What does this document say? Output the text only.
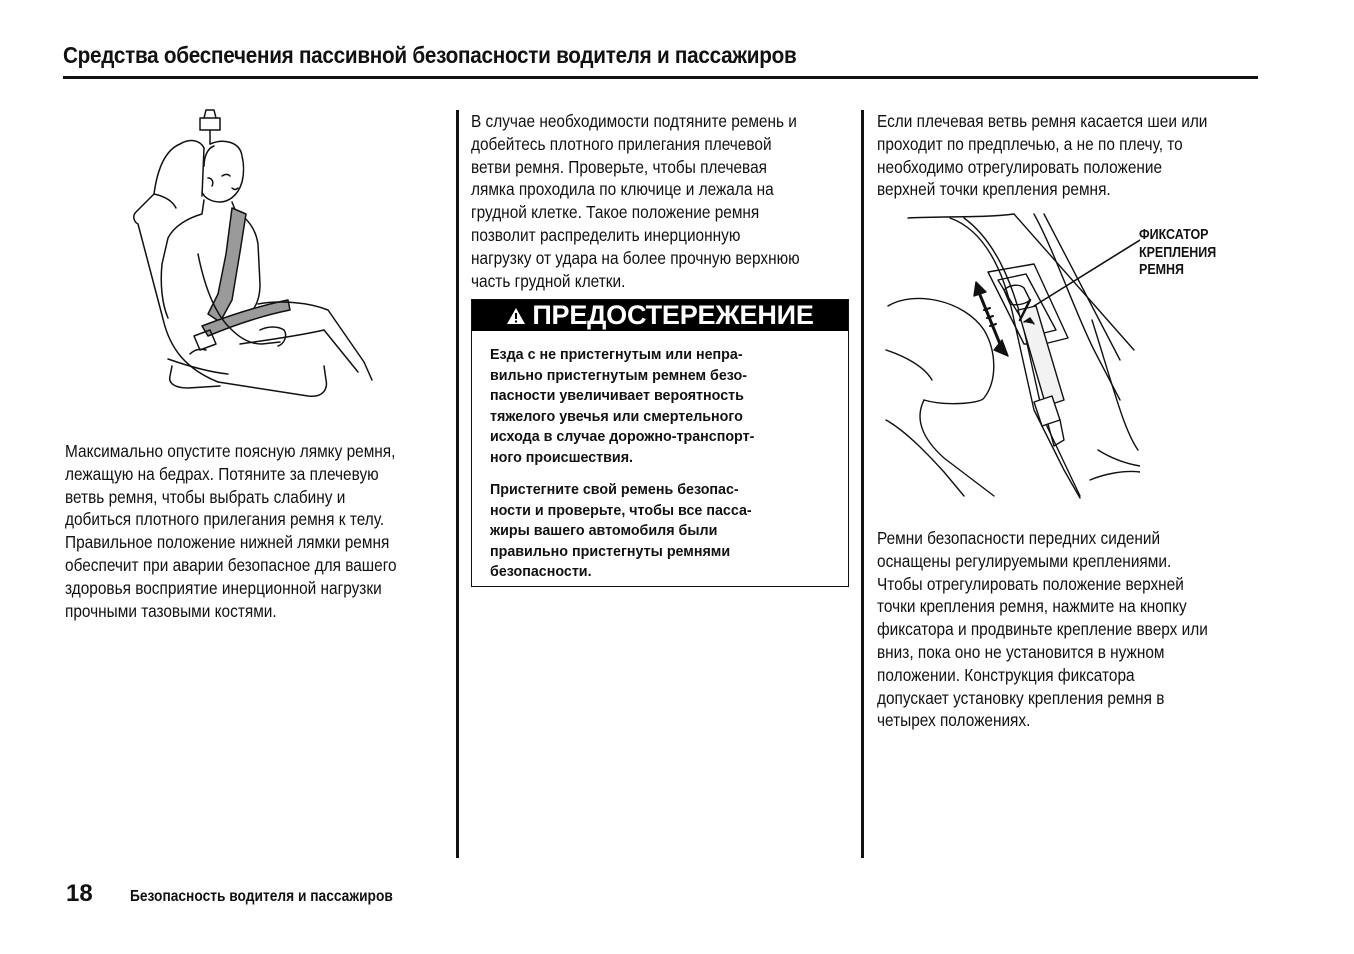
Средства обеспечения пассивной безопасности водителя и пассажиров
Максимально опустите поясную лямку ремня,
лежащую на бедрах. Потяните за плечевую
ветвь ремня, чтобы выбрать слабину и
добиться плотного прилегания ремня к телу.
Правильное положение нижней лямки ремня
обеспечит при аварии безопасное для вашего
здоровья восприятие инерционной нагрузки
прочными тазовыми костями.
В случае необходимости подтяните ремень и
добейтесь плотного прилегания плечевой
ветви ремня. Проверьте, чтобы плечевая
лямка проходила по ключице и лежала на
грудной клетке. Такое положение ремня
позволит распределить инерционную
нагрузку от удара на более прочную верхнюю
часть грудной клетки.
ПРЕДОСТЕРЕЖЕНИЕ
Езда с не пристегнутым или непра-
вильно пристегнутым ремнем безо-
пасности увеличивает вероятность
тяжелого увечья или смертельного
исхода в случае дорожно-транспорт-
ного происшествия.
Пристегните свой ремень безопас-
ности и проверьте, чтобы все пасса-
жиры вашего автомобиля были
правильно пристегнуты ремнями
безопасности.
Если плечевая ветвь ремня касается шеи или
проходит по предплечью, а не по плечу, то
необходимо отрегулировать положение
верхней точки крепления ремня.
ФИКСАТОР
КРЕПЛЕНИЯ
РЕМНЯ
Ремни безопасности передних сидений
оснащены регулируемыми креплениями.
Чтобы отрегулировать положение верхней
точки крепления ремня, нажмите на кнопку
фиксатора и продвиньте крепление вверх или
вниз, пока оно не установится в нужном
положении. Конструкция фиксатора
допускает установку крепления ремня в
четырех положениях.
18 Безопасность водителя и пассажиров
